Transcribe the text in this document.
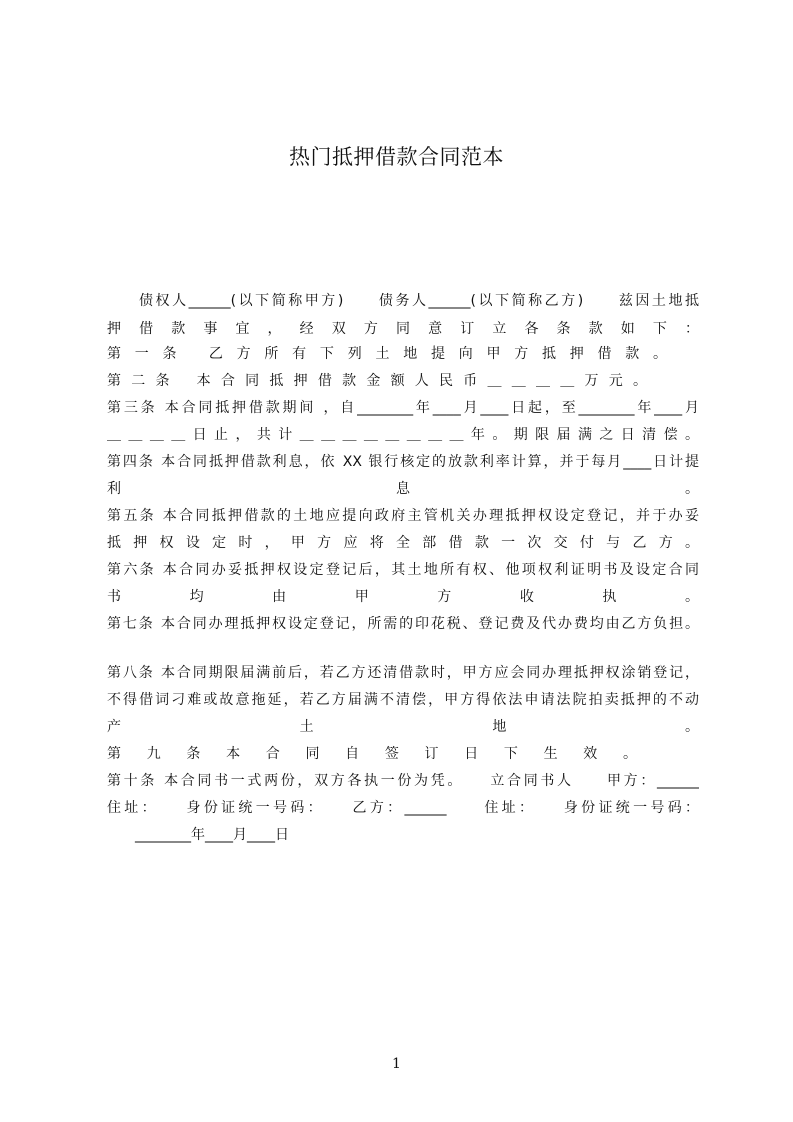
热门抵押借款合同范本
债权人______(以下简称甲方)　　债务人______(以下简称乙方)　　兹因土地抵
押 借 款 事 宜 ， 经 双 方 同 意 订 立 各 条 款 如 下 ：
第 一 条　 乙 方 所 有 下 列 土 地 提 向 甲 方 抵 押 借 款 。
第 二 条　 本 合 同 抵 押 借 款 金 额 人 民 币 ＿ ＿ ＿ ＿ 万 元 。
第三条 本合同抵押借款期间 ，自________年____月____日起，至________年____月
＿ ＿ ＿ ＿ 日 止 ， 共 计 ＿ ＿ ＿ ＿ ＿ ＿ ＿ ＿ 年 。 期 限 届 满 之 日 清 偿 。
第四条 本合同抵押借款利息，依 XX 银行核定的放款利率计算，并于每月____日计提
利 息 。
第五条 本合同抵押借款的土地应提向政府主管机关办理抵押权设定登记，并于办妥
抵 押 权 设 定 时 ， 甲 方 应 将 全 部 借 款 一 次 交 付 与 乙 方 。
第六条 本合同办妥抵押权设定登记后，其土地所有权、他项权利证明书及设定合同
书 均 由 甲 方 收 执 。
第七条 本合同办理抵押权设定登记，所需的印花税、登记费及代办费均由乙方负担。
第八条 本合同期限届满前后，若乙方还清借款时，甲方应会同办理抵押权涂销登记，
不得借词刁难或故意拖延，若乙方届满不清偿，甲方得依法申请法院拍卖抵押的不动
产 土 地 。
第 九 条 本 合 同 自 签 订 日 下 生 效 。
第十条 本合同书一式两份，双方各执一份为凭。　　立合同书人　　甲方：______
住址：　　身份证统一号码：　　乙方：______　　住址：　　身份证统一号码：
　　________年____月____日
1
